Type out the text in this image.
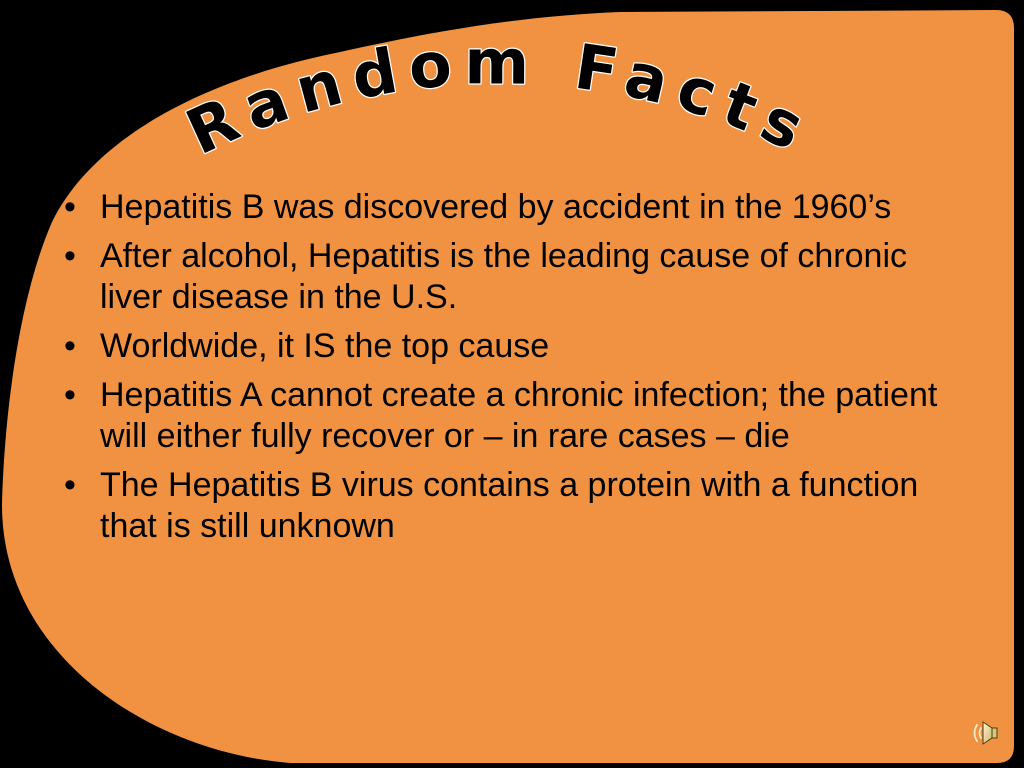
Random Facts
• Hepatitis B was discovered by accident in the 1960’s
• After alcohol, Hepatitis is the leading cause of chronic liver disease in the U.S.
• Worldwide, it IS the top cause
• Hepatitis A cannot create a chronic infection; the patient will either fully recover or – in rare cases – die
• The Hepatitis B virus contains a protein with a function that is still unknown
